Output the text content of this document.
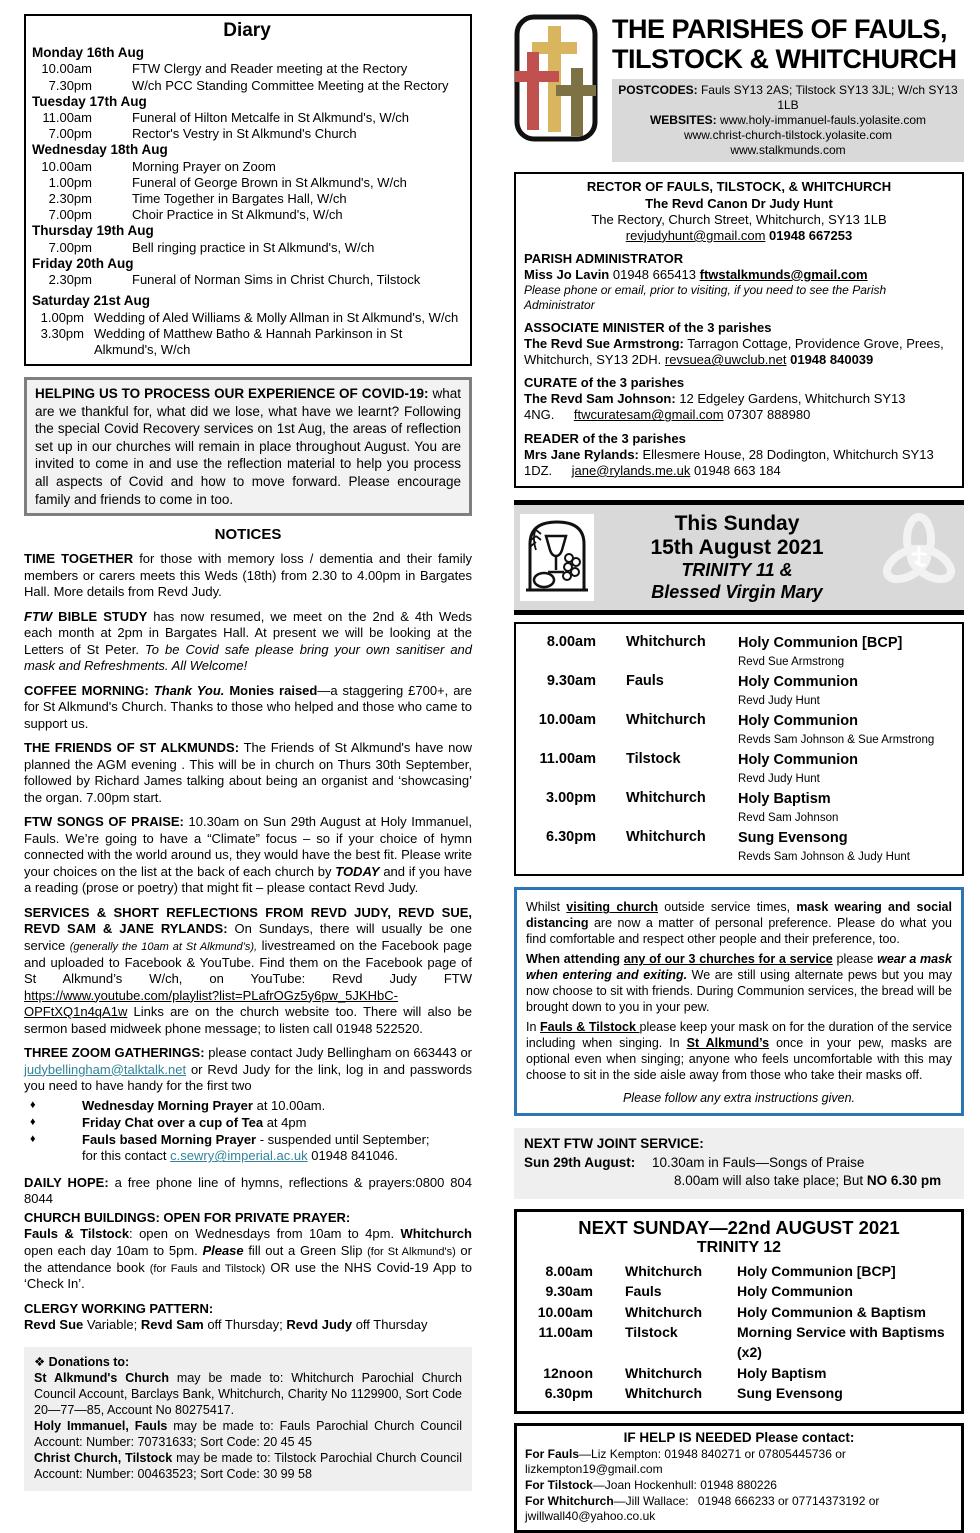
Diary
Monday 16th Aug
10.00am	FTW Clergy and Reader meeting at the Rectory
7.30pm	W/ch PCC Standing Committee Meeting at the Rectory
Tuesday 17th Aug
11.00am	Funeral of Hilton Metcalfe in St Alkmund's, W/ch
7.00pm	Rector's Vestry in St Alkmund's Church
Wednesday 18th Aug
10.00am	Morning Prayer on Zoom
1.00pm	Funeral of George Brown in St Alkmund's, W/ch
2.30pm	Time Together in Bargates Hall, W/ch
7.00pm	Choir Practice in St Alkmund's, W/ch
Thursday 19th Aug
7.00pm	Bell ringing practice in St Alkmund's, W/ch
Friday 20th Aug
2.30pm	Funeral of Norman Sims in Christ Church, Tilstock
Saturday 21st Aug
1.00pm Wedding of Aled Williams & Molly Allman in St Alkmund's, W/ch
3.30pm Wedding of Matthew Batho & Hannah Parkinson in St Alkmund's, W/ch
HELPING US TO PROCESS OUR EXPERIENCE OF COVID-19: what are we thankful for, what did we lose, what have we learnt? Following the special Covid Recovery services on 1st Aug, the areas of reflection set up in our churches will remain in place throughout August. You are invited to come in and use the reflection material to help you process all aspects of Covid and how to move forward. Please encourage family and friends to come in too.
NOTICES

TIME TOGETHER for those with memory loss / dementia and their family members or carers meets this Weds (18th) from 2.30 to 4.00pm in Bargates Hall. More details from Revd Judy.

FTW BIBLE STUDY has now resumed, we meet on the 2nd & 4th Weds each month at 2pm in Bargates Hall. At present we will be looking at the Letters of St Peter. To be Covid safe please bring your own sanitiser and mask and Refreshments. All Welcome!

COFFEE MORNING: Thank You. Monies raised—a staggering £700+, are for St Alkmund's Church. Thanks to those who helped and those who came to support us.

THE FRIENDS OF ST ALKMUNDS: The Friends of St Alkmund's have now planned the AGM evening . This will be in church on Thurs 30th September, followed by Richard James talking about being an organist and ‘showcasing’ the organ. 7.00pm start.

FTW SONGS OF PRAISE: 10.30am on Sun 29th August at Holy Immanuel, Fauls. We’re going to have a “Climate” focus – so if your choice of hymn connected with the world around us, they would have the best fit. Please write your choices on the list at the back of each church by TODAY and if you have a reading (prose or poetry) that might fit – please contact Revd Judy.

SERVICES & SHORT REFLECTIONS FROM REVD JUDY, REVD SUE, REVD SAM & JANE RYLANDS: On Sundays, there will usually be one service (generally the 10am at St Alkmund’s), livestreamed on the Facebook page and uploaded to Facebook & YouTube. Find them on the Facebook page of St Alkmund’s W/ch, on YouTube: Revd Judy FTW https://www.youtube.com/playlist?list=PLafrOGz5y6pw_5JKHbC-OPFtXQ1n4qA1w Links are on the church website too. There will also be sermon based midweek phone message; to listen call 01948 522520.

THREE ZOOM GATHERINGS: please contact Judy Bellingham on 663443 or judybellingham@talktalk.net or Revd Judy for the link, log in and passwords you need to have handy for the first two

♦	Wednesday Morning Prayer at 10.00am.
♦	Friday Chat over a cup of Tea at 4pm
♦	Fauls based Morning Prayer - suspended until September;
for this contact c.sewry@imperial.ac.uk 01948 841046.

DAILY HOPE: a free phone line of hymns, reflections & prayers:0800 804 8044

CHURCH BUILDINGS: OPEN FOR PRIVATE PRAYER:
Fauls & Tilstock: open on Wednesdays from 10am to 4pm. Whitchurch open each day 10am to 5pm. Please fill out a Green Slip (for St Alkmund's) or the attendance book (for Fauls and Tilstock) OR use the NHS Covid-19 App to ‘Check In’.

CLERGY WORKING PATTERN:
Revd Sue Variable; Revd Sam off Thursday; Revd Judy off Thursday

❖ Donations to:
St Alkmund's Church may be made to: Whitchurch Parochial Church Council Account, Barclays Bank, Whitchurch, Charity No 1129900, Sort Code 20—77—85, Account No 80275417.
Holy Immanuel, Fauls may be made to: Fauls Parochial Church Council Account: Number: 70731633; Sort Code: 20 45 45
Christ Church, Tilstock may be made to: Tilstock Parochial Church Council Account: Number: 00463523; Sort Code: 30 99 58
THE PARISHES OF FAULS,
TILSTOCK & WHITCHURCH
POSTCODES: Fauls SY13 2AS; Tilstock SY13 3JL; W/ch SY13 1LB
WEBSITES: www.holy-immanuel-fauls.yolasite.com
www.christ-church-tilstock.yolasite.com
www.stalkmunds.com
RECTOR OF FAULS, TILSTOCK, & WHITCHURCH
The Revd Canon Dr Judy Hunt
The Rectory, Church Street, Whitchurch, SY13 1LB
revjudyhunt@gmail.com 01948 667253
PARISH ADMINISTRATOR
Miss Jo Lavin 01948 665413 ftwstalkmunds@gmail.com
Please phone or email, prior to visiting, if you need to see the Parish Administrator
ASSOCIATE MINISTER of the 3 parishes
The Revd Sue Armstrong: Tarragon Cottage, Providence Grove, Prees, Whitchurch, SY13 2DH. revsuea@uwclub.net 01948 840039
CURATE of the 3 parishes
The Revd Sam Johnson: 12 Edgeley Gardens, Whitchurch SY13 4NG.  ftwcuratesam@gmail.com 07307 888980
READER of the 3 parishes
Mrs Jane Rylands: Ellesmere House, 28 Dodington, Whitchurch SY13 1DZ.  jane@rylands.me.uk 01948 663 184
This Sunday
15th August 2021
TRINITY 11 &
Blessed Virgin Mary
8.00am Whitchurch	Holy Communion [BCP]
Revd Sue Armstrong
9.30am Fauls	Holy Communion
Revd Judy Hunt
10.00am Whitchurch	Holy Communion
Revds Sam Johnson & Sue Armstrong
11.00am Tilstock	Holy Communion
Revd Judy Hunt
3.00pm Whitchurch	Holy Baptism
Revd Sam Johnson
6.30pm Whitchurch	Sung Evensong
Revds Sam Johnson & Judy Hunt

Whilst visiting church outside service times, mask wearing and social distancing are now a matter of personal preference. Please do what you find comfortable and respect other people and their preference, too.

When attending any of our 3 churches for a service please wear a mask when entering and exiting. We are still using alternate pews but you may now choose to sit with friends. During Communion services, the bread will be brought down to you in your pew.

In Fauls & Tilstock please keep your mask on for the duration of the service including when singing. In St Alkmund’s once in your pew, masks are optional even when singing; anyone who feels uncomfortable with this may choose to sit in the side aisle away from those who take their masks off.

Please follow any extra instructions given.
NEXT FTW JOINT SERVICE:
Sun 29th August:	10.30am in Fauls—Songs of Praise
8.00am will also take place; But NO 6.30 pm
NEXT SUNDAY—22nd AUGUST 2021
TRINITY 12
8.00am Whitchurch	Holy Communion [BCP]
9.30am Fauls	Holy Communion
10.00am Whitchurch	Holy Communion & Baptism
11.00am Tilstock	Morning Service with Baptisms (x2)
12noon Whitchurch	Holy Baptism
6.30pm Whitchurch	Sung Evensong
IF HELP IS NEEDED Please contact:
For Fauls—Liz Kempton: 01948 840271 or 07805445736 or lizkempton19@gmail.com
For Tilstock—Joan Hockenhull: 01948 880226
For Whitchurch—Jill Wallace:  01948 666233 or 07714373192 or jwillwall40@yahoo.co.uk
